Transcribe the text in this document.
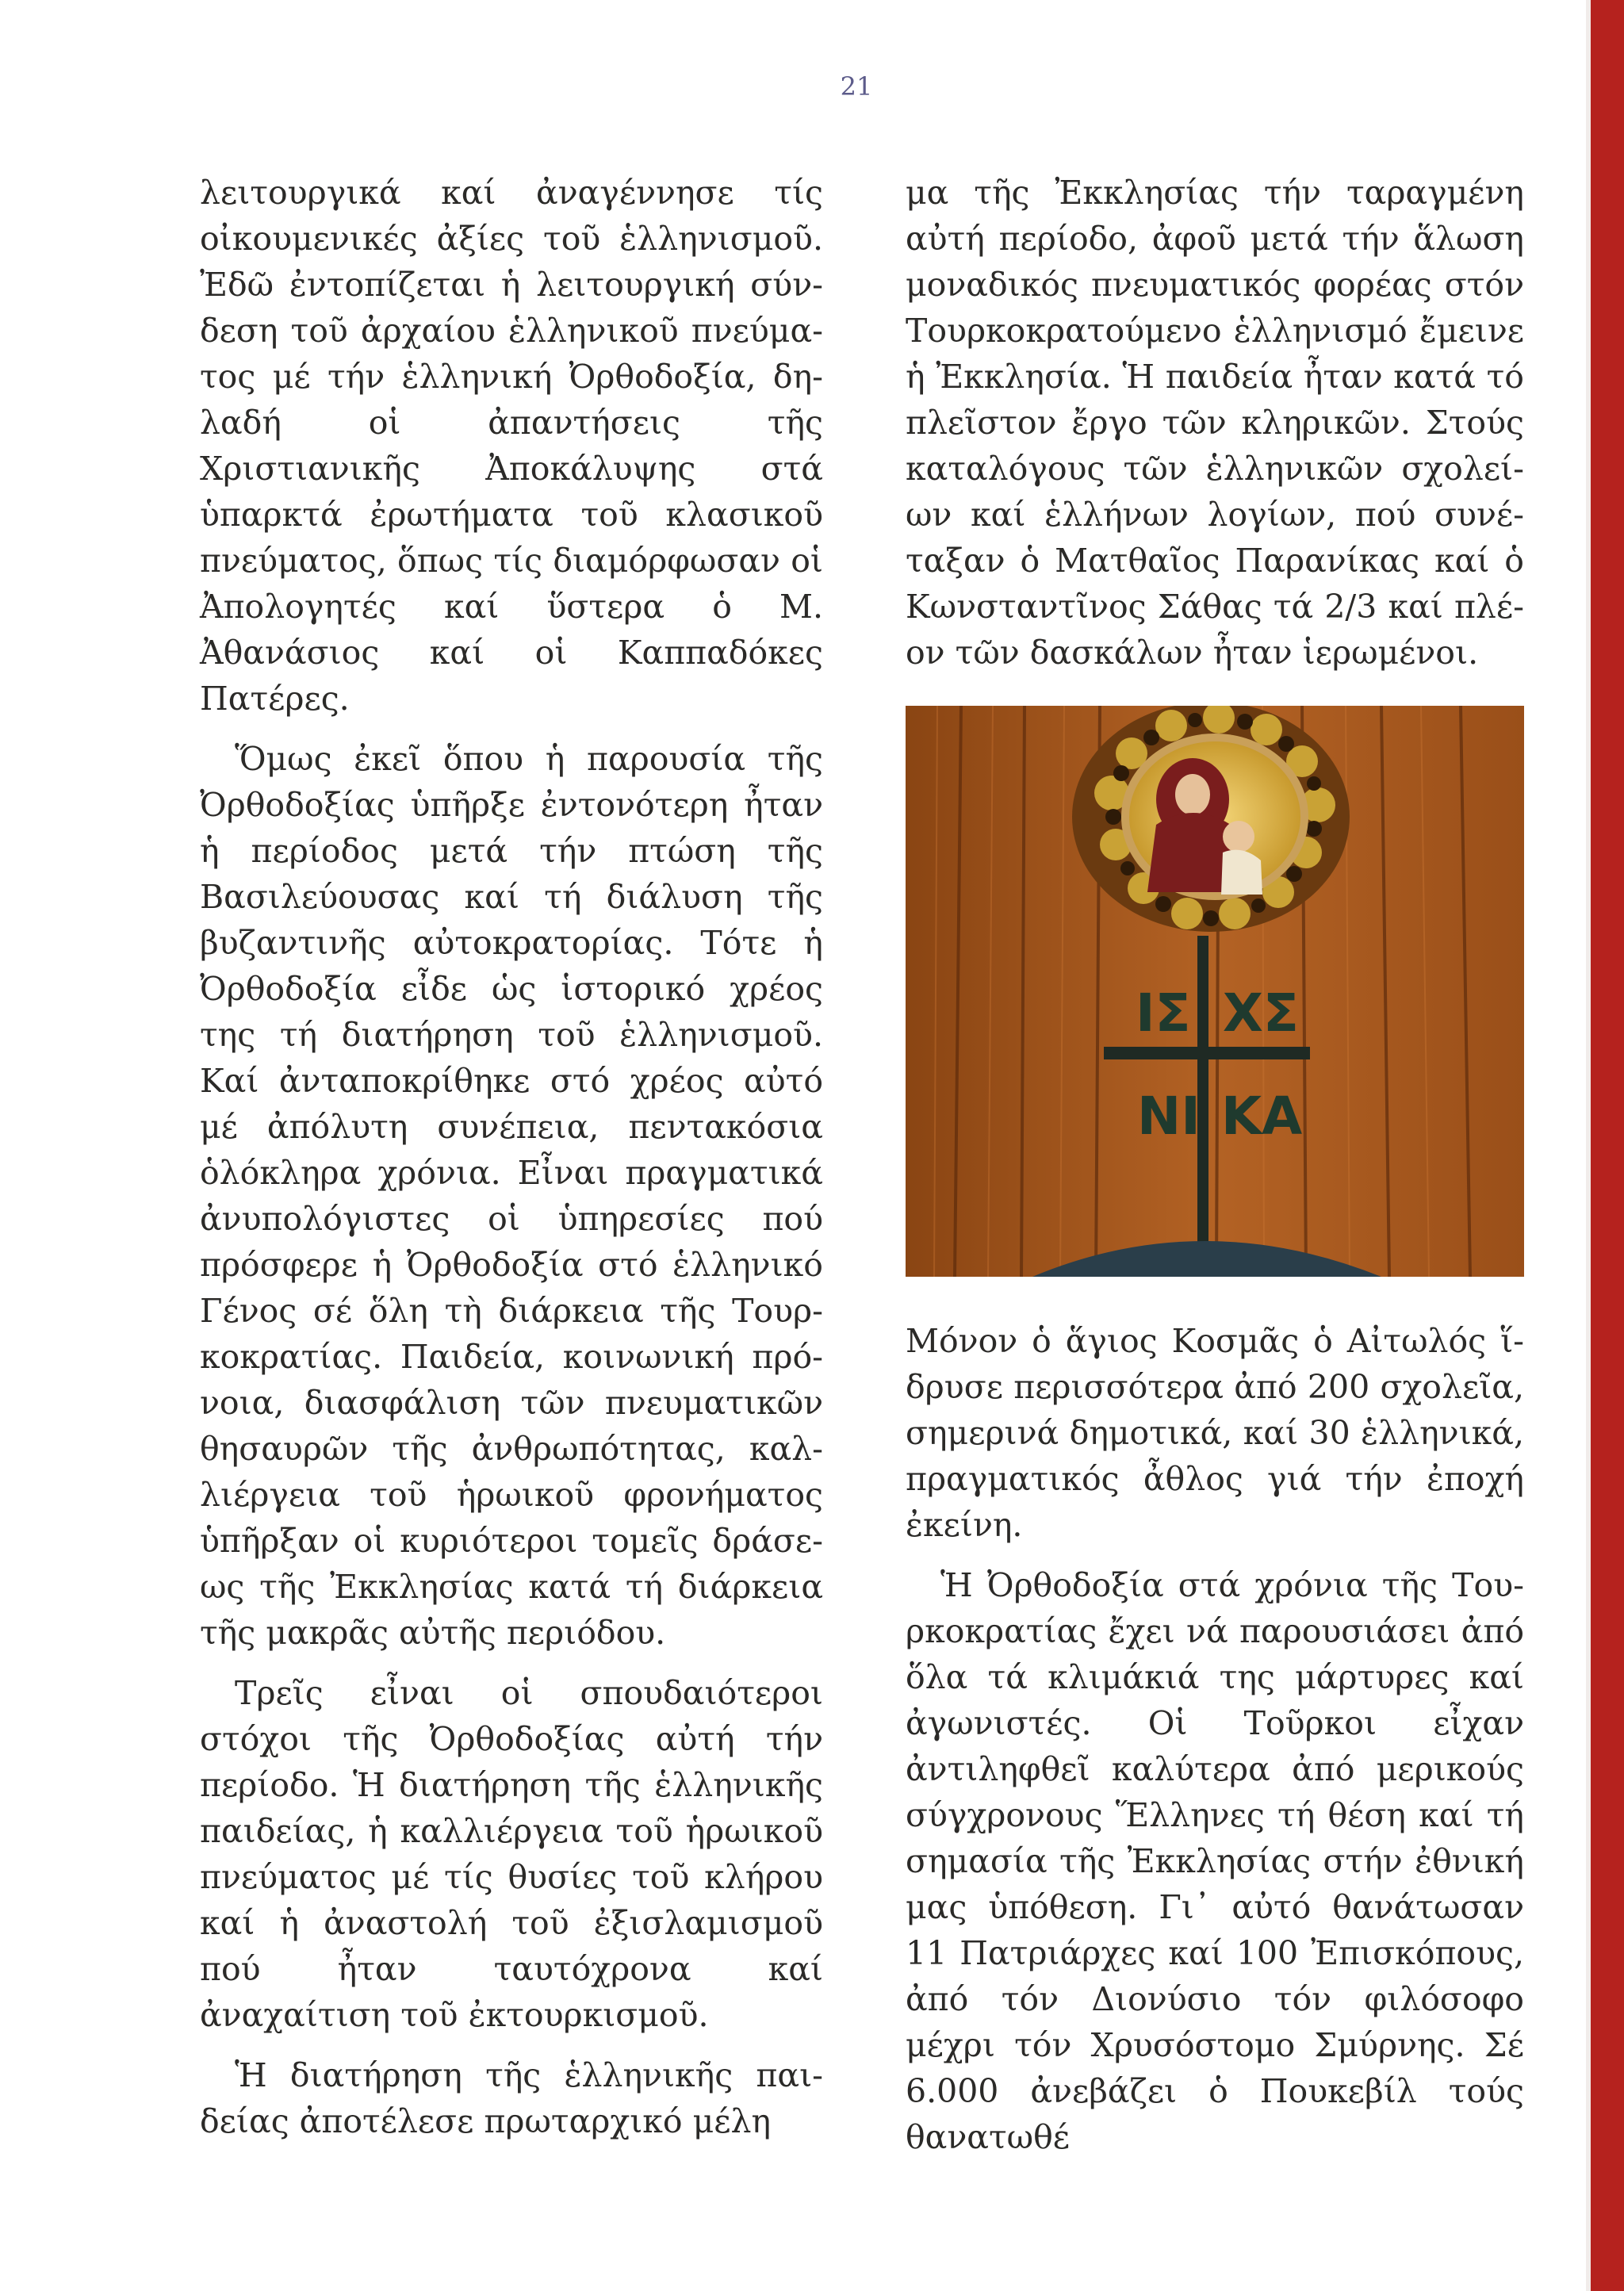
21

λειτουργικά καί ἀναγέννησε τίς οἰκουμενικές ἀξίες τοῦ ἑλληνισμοῦ. Ἐδῶ ἐντοπίζεται ἡ λειτουργική σύνδεση τοῦ ἀρχαίου ἑλληνικοῦ πνεύματος μέ τήν ἑλληνική Ὀρθοδοξία, δηλαδή οἱ ἀπαντήσεις τῆς Χριστιανικῆς Ἀποκάλυψης στά ὑπαρκτά ἐρωτήματα τοῦ κλασικοῦ πνεύματος, ὅπως τίς διαμόρφωσαν οἱ Ἀπολογητές καί ὕστερα ὁ Μ. Ἀθανάσιος καί οἱ Καππαδόκες Πατέρες.

Ὅμως ἐκεῖ ὅπου ἡ παρουσία τῆς Ὀρθοδοξίας ὑπῆρξε ἐντονότερη ἦταν ἡ περίοδος μετά τήν πτώση τῆς Βασιλεύουσας καί τή διάλυση τῆς βυζαντινῆς αὐτοκρατορίας. Τότε ἡ Ὀρθοδοξία εἶδε ὡς ἱστορικό χρέος της τή διατήρηση τοῦ ἑλληνισμοῦ. Καί ἀνταποκρίθηκε στό χρέος αὐτό μέ ἀπόλυτη συνέπεια, πεντακόσια ὁλόκληρα χρόνια. Εἶναι πραγματικά ἀνυπολόγιστες οἱ ὑπηρεσίες πού πρόσφερε ἡ Ὀρθοδοξία στό ἑλληνικό Γένος σέ ὅλη τὴ διάρκεια τῆς Τουρκοκρατίας. Παιδεία, κοινωνική πρόνοια, διασφάλιση τῶν πνευματικῶν θησαυρῶν τῆς ἀνθρωπότητας, καλλιέργεια τοῦ ἡρωικοῦ φρονήματος ὑπῆρξαν οἱ κυριότεροι τομεῖς δράσεως τῆς Ἐκκλησίας κατά τή διάρκεια τῆς μακρᾶς αὐτῆς περιόδου.

Τρεῖς εἶναι οἱ σπουδαιότεροι στόχοι τῆς Ὀρθοδοξίας αὐτή τήν περίοδο. Ἡ διατήρηση τῆς ἑλληνικῆς παιδείας, ἡ καλλιέργεια τοῦ ἡρωικοῦ πνεύματος μέ τίς θυσίες τοῦ κλήρου καί ἡ ἀναστολή τοῦ ἐξισλαμισμοῦ πού ἦταν ταυτόχρονα καί ἀναχαίτιση τοῦ ἐκτουρκισμοῦ.

Ἡ διατήρηση τῆς ἑλληνικῆς παιδείας ἀποτέλεσε πρωταρχικό μέλη

μα τῆς Ἐκκλησίας τήν ταραγμένη αὐτή περίοδο, ἀφοῦ μετά τήν ἅλωση μοναδικός πνευματικός φορέας στόν Τουρκοκρατούμενο ἑλληνισμό ἔμεινε ἡ Ἐκκλησία. Ἡ παιδεία ἦταν κατά τό πλεῖστον ἔργο τῶν κληρικῶν. Στούς καταλόγους τῶν ἑλληνικῶν σχολείων καί ἑλλήνων λογίων, πού συνέταξαν ὁ Ματθαῖος Παρανίκας καί ὁ Κωνσταντῖνος Σάθας τά 2/3 καί πλέον τῶν δασκάλων ἦταν ἱερωμένοι.

ΙΣ ΧΣ
ΝΙ ΚΑ

Μόνον ὁ ἅγιος Κοσμᾶς ὁ Αἰτωλός ἵδρυσε περισσότερα ἀπό 200 σχολεῖα, σημερινά δημοτικά, καί 30 ἑλληνικά, πραγματικός ἆθλος γιά τήν ἐποχή ἐκείνη.

Ἡ Ὀρθοδοξία στά χρόνια τῆς Τουρκοκρατίας ἔχει νά παρουσιάσει ἀπό ὅλα τά κλιμάκιά της μάρτυρες καί ἀγωνιστές. Οἱ Τοῦρκοι εἶχαν ἀντιληφθεῖ καλύτερα ἀπό μερικούς σύγχρονους Ἕλληνες τή θέση καί τή σημασία τῆς Ἐκκλησίας στήν ἐθνική μας ὑπόθεση. Γι᾽ αὐτό θανάτωσαν 11 Πατριάρχες καί 100 Ἐπισκόπους, ἀπό τόν Διονύσιο τόν φιλόσοφο μέχρι τόν Χρυσόστομο Σμύρνης. Σέ 6.000 ἀνεβάζει ὁ Πουκεβίλ τούς θανατωθέ
